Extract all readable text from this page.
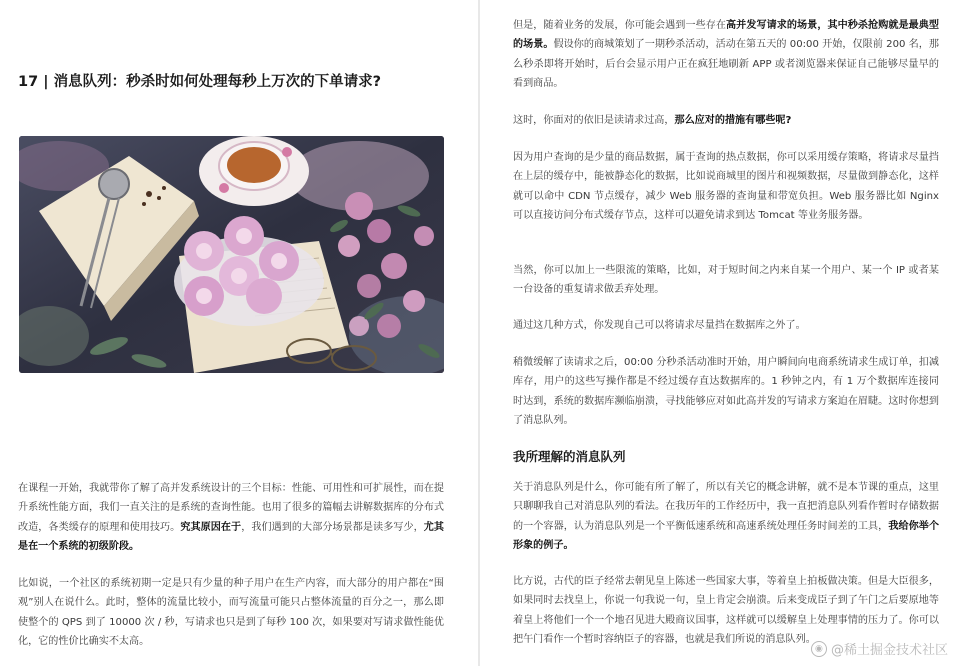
17 | 消息队列：秒杀时如何处理每秒上万次的下单请求?

在课程一开始，我就带你了解了高并发系统设计的三个目标：性能、可用性和可扩展性，而在提升系统性能方面，我们一直关注的是系统的查询性能。也用了很多的篇幅去讲解数据库的分布式改造，各类缓存的原理和使用技巧。究其原因在于，我们遇到的大部分场景都是读多写少，尤其是在一个系统的初级阶段。

比如说，一个社区的系统初期一定是只有少量的种子用户在生产内容，而大部分的用户都在“围观”别人在说什么。此时，整体的流量比较小，而写流量可能只占整体流量的百分之一，那么即使整个的 QPS 到了 10000 次 / 秒，写请求也只是到了每秒 100 次，如果要对写请求做性能优化，它的性价比确实不太高。

但是，随着业务的发展，你可能会遇到一些存在高并发写请求的场景，其中秒杀抢购就是最典型的场景。假设你的商城策划了一期秒杀活动，活动在第五天的 00:00 开始，仅限前 200 名，那么秒杀即将开始时，后台会显示用户正在疯狂地刷新 APP 或者浏览器来保证自己能够尽量早的看到商品。

这时，你面对的依旧是读请求过高，那么应对的措施有哪些呢?

因为用户查询的是少量的商品数据，属于查询的热点数据，你可以采用缓存策略，将请求尽量挡在上层的缓存中，能被静态化的数据，比如说商城里的图片和视频数据，尽量做到静态化，这样就可以命中 CDN 节点缓存，减少 Web 服务器的查询量和带宽负担。Web 服务器比如 Nginx 可以直接访问分布式缓存节点，这样可以避免请求到达 Tomcat 等业务服务器。

当然，你可以加上一些限流的策略，比如，对于短时间之内来自某一个用户、某一个 IP 或者某一台设备的重复请求做丢弃处理。

通过这几种方式，你发现自己可以将请求尽量挡在数据库之外了。

稍微缓解了读请求之后，00:00 分秒杀活动准时开始，用户瞬间向电商系统请求生成订单，扣减库存，用户的这些写操作都是不经过缓存直达数据库的。1 秒钟之内，有 1 万个数据库连接同时达到，系统的数据库濒临崩溃，寻找能够应对如此高并发的写请求方案迫在眉睫。这时你想到了消息队列。

我所理解的消息队列

关于消息队列是什么，你可能有所了解了，所以有关它的概念讲解，就不是本节课的重点，这里只聊聊我自己对消息队列的看法。在我历年的工作经历中，我一直把消息队列看作暂时存储数据的一个容器，认为消息队列是一个平衡低速系统和高速系统处理任务时间差的工具，我给你举个形象的例子。

比方说，古代的臣子经常去朝见皇上陈述一些国家大事，等着皇上拍板做决策。但是大臣很多，如果同时去找皇上，你说一句我说一句，皇上肯定会崩溃。后来变成臣子到了午门之后要原地等着皇上将他们一个一个地召见进大殿商议国事，这样就可以缓解皇上处理事情的压力了。你可以把午门看作一个暂时容纳臣子的容器，也就是我们所说的消息队列。

◉ @稀土掘金技术社区
